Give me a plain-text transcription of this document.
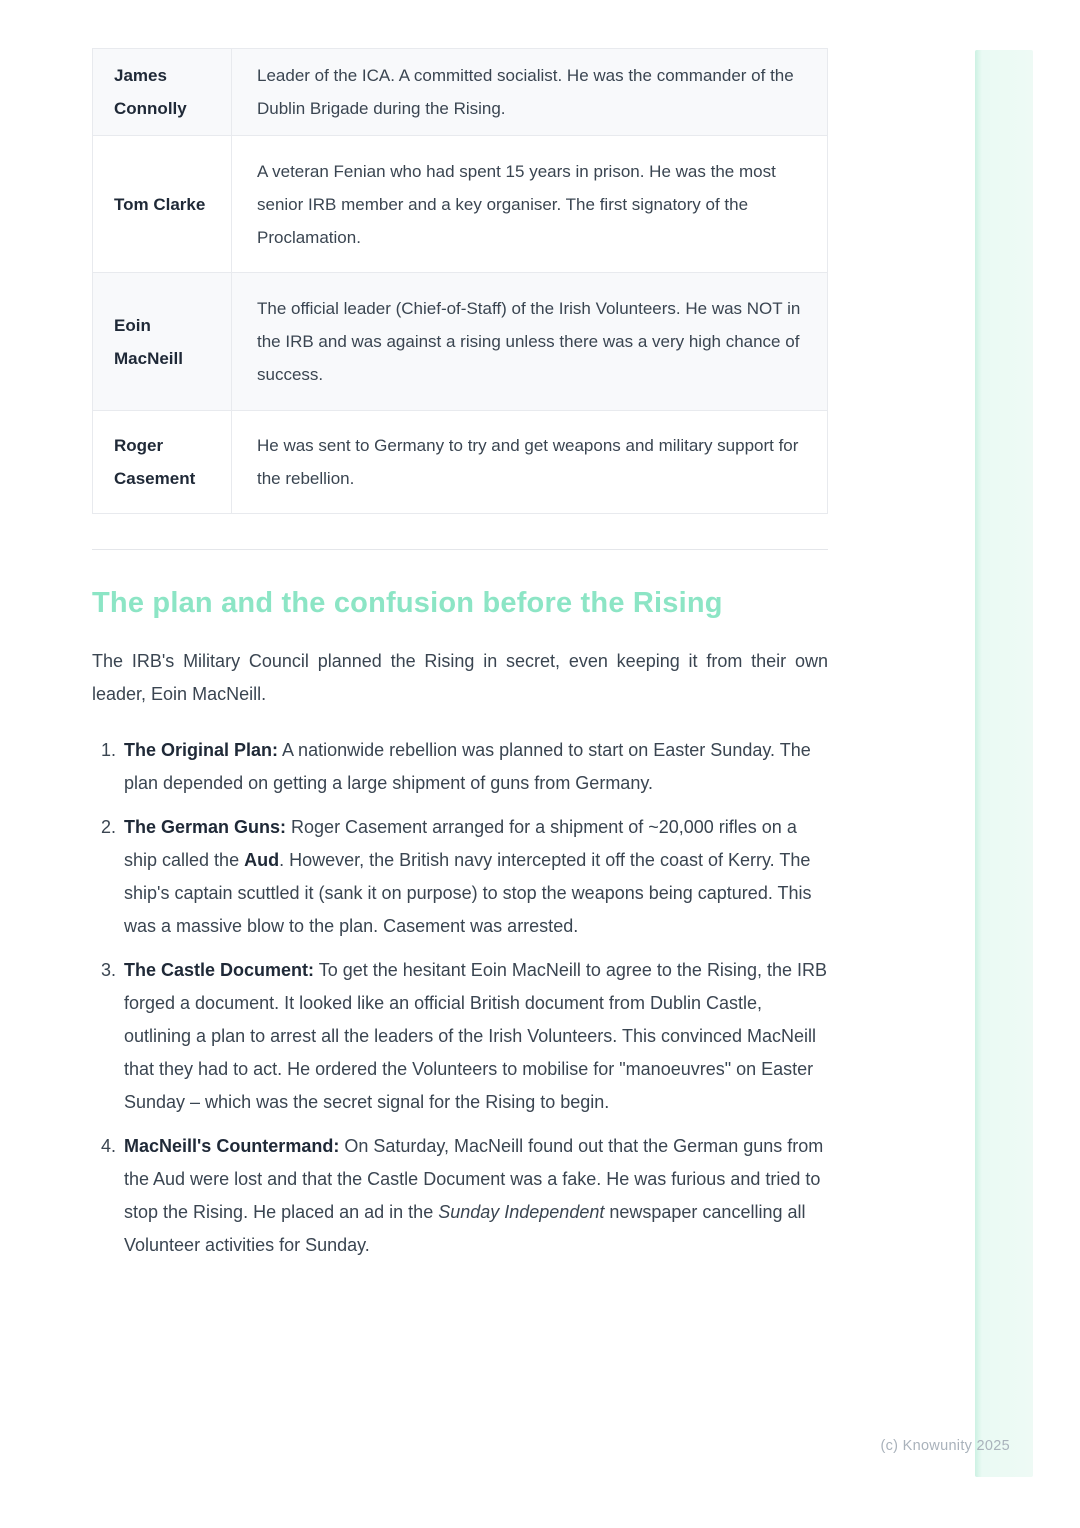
James Connolly	Leader of the ICA. A committed socialist. He was the commander of the Dublin Brigade during the Rising.
Tom Clarke	A veteran Fenian who had spent 15 years in prison. He was the most senior IRB member and a key organiser. The first signatory of the Proclamation.
Eoin MacNeill	The official leader (Chief-of-Staff) of the Irish Volunteers. He was NOT in the IRB and was against a rising unless there was a very high chance of success.
Roger Casement	He was sent to Germany to try and get weapons and military support for the rebellion.
The plan and the confusion before the Rising

The IRB's Military Council planned the Rising in secret, even keeping it from their own leader, Eoin MacNeill.

1. The Original Plan: A nationwide rebellion was planned to start on Easter Sunday. The plan depended on getting a large shipment of guns from Germany.
2. The German Guns: Roger Casement arranged for a shipment of ~20,000 rifles on a ship called the Aud. However, the British navy intercepted it off the coast of Kerry. The ship's captain scuttled it (sank it on purpose) to stop the weapons being captured. This was a massive blow to the plan. Casement was arrested.
3. The Castle Document: To get the hesitant Eoin MacNeill to agree to the Rising, the IRB forged a document. It looked like an official British document from Dublin Castle, outlining a plan to arrest all the leaders of the Irish Volunteers. This convinced MacNeill that they had to act. He ordered the Volunteers to mobilise for "manoeuvres" on Easter Sunday – which was the secret signal for the Rising to begin.
4. MacNeill's Countermand: On Saturday, MacNeill found out that the German guns from the Aud were lost and that the Castle Document was a fake. He was furious and tried to stop the Rising. He placed an ad in the Sunday Independent newspaper cancelling all Volunteer activities for Sunday.
(c) Knowunity 2025
